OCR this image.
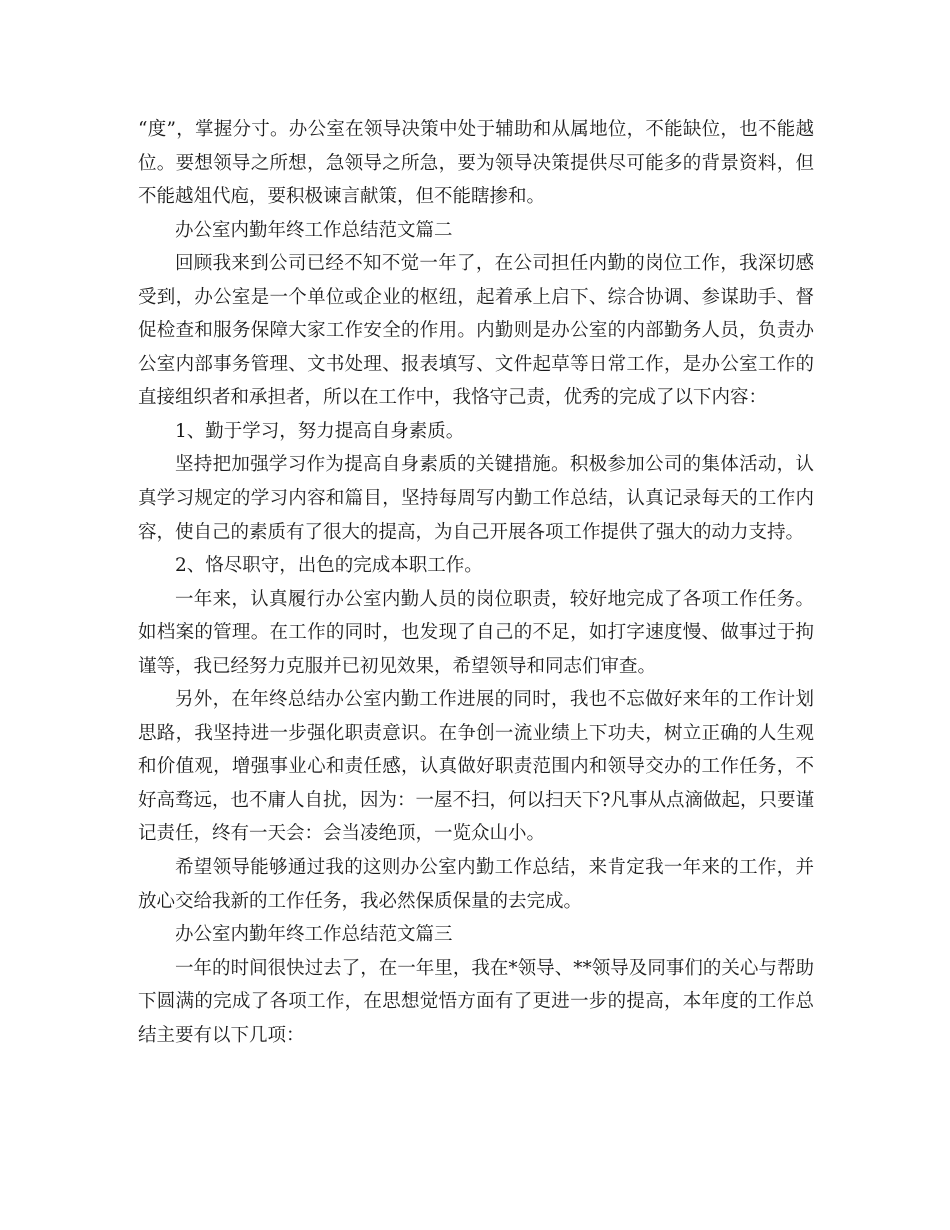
“度”，掌握分寸。办公室在领导决策中处于辅助和从属地位，不能缺位，也不能越位。要想领导之所想，急领导之所急，要为领导决策提供尽可能多的背景资料，但不能越俎代庖，要积极谏言献策，但不能瞎掺和。

办公室内勤年终工作总结范文篇二

回顾我来到公司已经不知不觉一年了，在公司担任内勤的岗位工作，我深切感受到，办公室是一个单位或企业的枢纽，起着承上启下、综合协调、参谋助手、督促检查和服务保障大家工作安全的作用。内勤则是办公室的内部勤务人员，负责办公室内部事务管理、文书处理、报表填写、文件起草等日常工作，是办公室工作的直接组织者和承担者，所以在工作中，我恪守己责，优秀的完成了以下内容：

1、勤于学习，努力提高自身素质。

坚持把加强学习作为提高自身素质的关键措施。积极参加公司的集体活动，认真学习规定的学习内容和篇目，坚持每周写内勤工作总结，认真记录每天的工作内容，使自己的素质有了很大的提高，为自己开展各项工作提供了强大的动力支持。

2、恪尽职守，出色的完成本职工作。

一年来，认真履行办公室内勤人员的岗位职责，较好地完成了各项工作任务。如档案的管理。在工作的同时，也发现了自己的不足，如打字速度慢、做事过于拘谨等，我已经努力克服并已初见效果，希望领导和同志们审查。

另外，在年终总结办公室内勤工作进展的同时，我也不忘做好来年的工作计划思路，我坚持进一步强化职责意识。在争创一流业绩上下功夫，树立正确的人生观和价值观，增强事业心和责任感，认真做好职责范围内和领导交办的工作任务，不好高骛远，也不庸人自扰，因为：一屋不扫，何以扫天下?凡事从点滴做起，只要谨记责任，终有一天会：会当凌绝顶，一览众山小。

希望领导能够通过我的这则办公室内勤工作总结，来肯定我一年来的工作，并放心交给我新的工作任务，我必然保质保量的去完成。

办公室内勤年终工作总结范文篇三

一年的时间很快过去了，在一年里，我在*领导、**领导及同事们的关心与帮助下圆满的完成了各项工作，在思想觉悟方面有了更进一步的提高，本年度的工作总结主要有以下几项：
